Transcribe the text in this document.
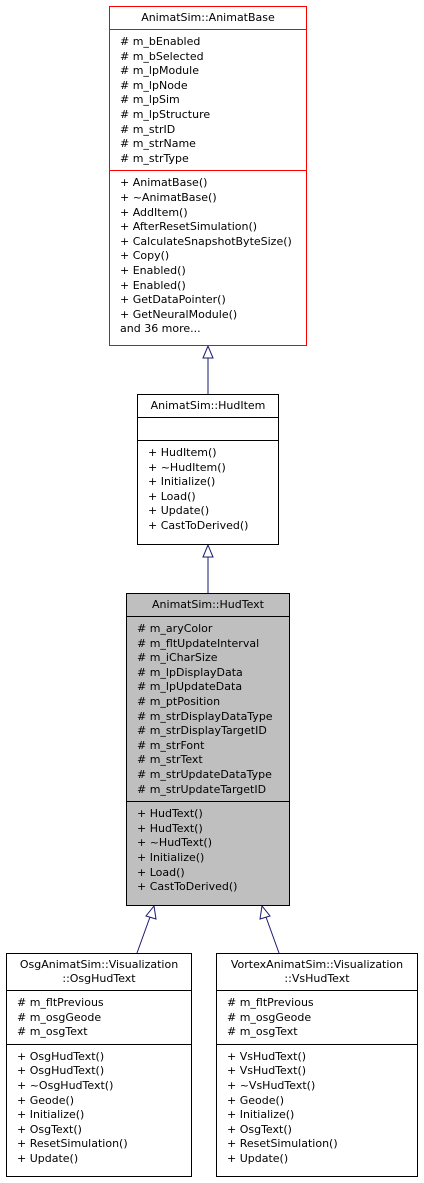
AnimatSim::AnimatBase
# m_bEnabled
# m_bSelected
# m_lpModule
# m_lpNode
# m_lpSim
# m_lpStructure
# m_strID
# m_strName
# m_strType
+ AnimatBase()
+ ~AnimatBase()
+ AddItem()
+ AfterResetSimulation()
+ CalculateSnapshotByteSize()
+ Copy()
+ Enabled()
+ Enabled()
+ GetDataPointer()
+ GetNeuralModule()
and 36 more...
AnimatSim::HudItem
+ HudItem()
+ ~HudItem()
+ Initialize()
+ Load()
+ Update()
+ CastToDerived()
AnimatSim::HudText
# m_aryColor
# m_fltUpdateInterval
# m_iCharSize
# m_lpDisplayData
# m_lpUpdateData
# m_ptPosition
# m_strDisplayDataType
# m_strDisplayTargetID
# m_strFont
# m_strText
# m_strUpdateDataType
# m_strUpdateTargetID
+ HudText()
+ HudText()
+ ~HudText()
+ Initialize()
+ Load()
+ CastToDerived()
OsgAnimatSim::Visualization
::OsgHudText
# m_fltPrevious
# m_osgGeode
# m_osgText
+ OsgHudText()
+ OsgHudText()
+ ~OsgHudText()
+ Geode()
+ Initialize()
+ OsgText()
+ ResetSimulation()
+ Update()
VortexAnimatSim::Visualization
::VsHudText
# m_fltPrevious
# m_osgGeode
# m_osgText
+ VsHudText()
+ VsHudText()
+ ~VsHudText()
+ Geode()
+ Initialize()
+ OsgText()
+ ResetSimulation()
+ Update()
